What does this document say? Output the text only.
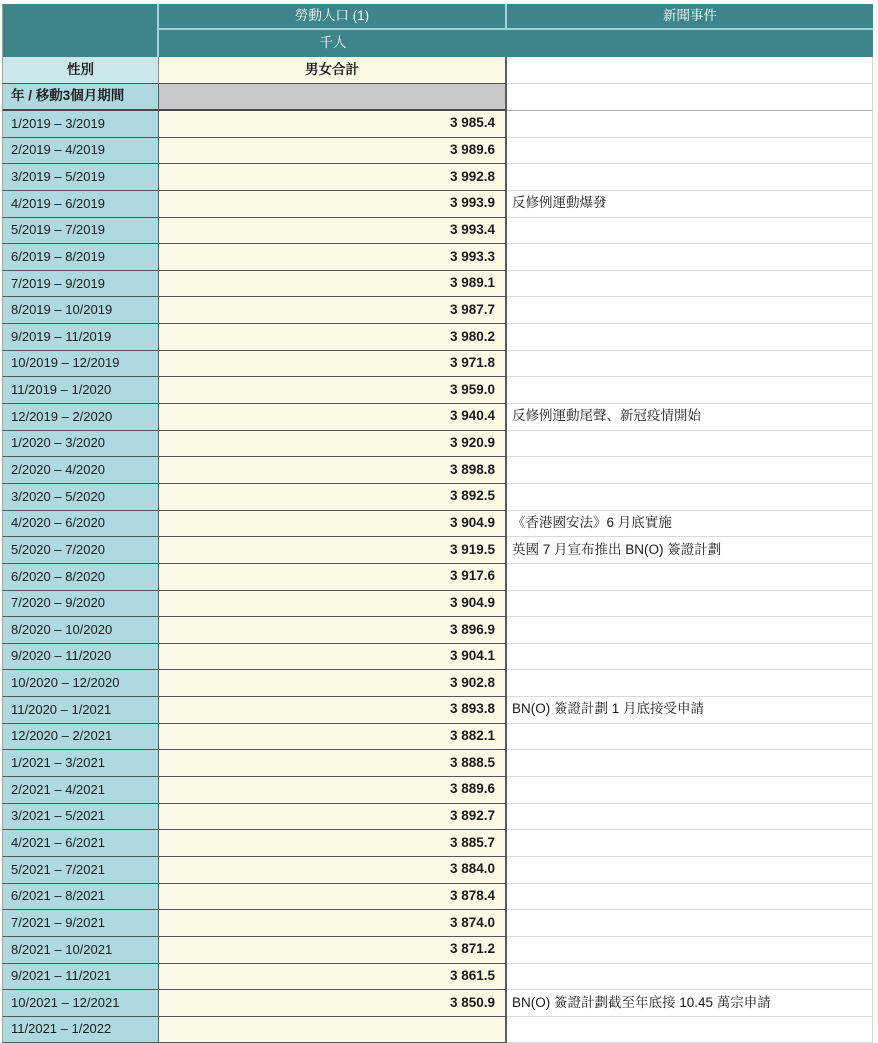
勞動人口 (1)	新聞事件
千人
性別	男女合計
年 / 移動3個月期間
1/2019 – 3/2019	3 985.4
2/2019 – 4/2019	3 989.6
3/2019 – 5/2019	3 992.8
4/2019 – 6/2019	3 993.9	反修例運動爆發
5/2019 – 7/2019	3 993.4
6/2019 – 8/2019	3 993.3
7/2019 – 9/2019	3 989.1
8/2019 – 10/2019	3 987.7
9/2019 – 11/2019	3 980.2
10/2019 – 12/2019	3 971.8
11/2019 – 1/2020	3 959.0
12/2019 – 2/2020	3 940.4	反修例運動尾聲、新冠疫情開始
1/2020 – 3/2020	3 920.9
2/2020 – 4/2020	3 898.8
3/2020 – 5/2020	3 892.5
4/2020 – 6/2020	3 904.9	《香港國安法》6 月底實施
5/2020 – 7/2020	3 919.5	英國 7 月宣布推出 BN(O) 簽證計劃
6/2020 – 8/2020	3 917.6
7/2020 – 9/2020	3 904.9
8/2020 – 10/2020	3 896.9
9/2020 – 11/2020	3 904.1
10/2020 – 12/2020	3 902.8
11/2020 – 1/2021	3 893.8	BN(O) 簽證計劃 1 月底接受申請
12/2020 – 2/2021	3 882.1
1/2021 – 3/2021	3 888.5
2/2021 – 4/2021	3 889.6
3/2021 – 5/2021	3 892.7
4/2021 – 6/2021	3 885.7
5/2021 – 7/2021	3 884.0
6/2021 – 8/2021	3 878.4
7/2021 – 9/2021	3 874.0
8/2021 – 10/2021	3 871.2
9/2021 – 11/2021	3 861.5
10/2021 – 12/2021	3 850.9	BN(O) 簽證計劃截至年底接 10.45 萬宗申請
11/2021 – 1/2022
